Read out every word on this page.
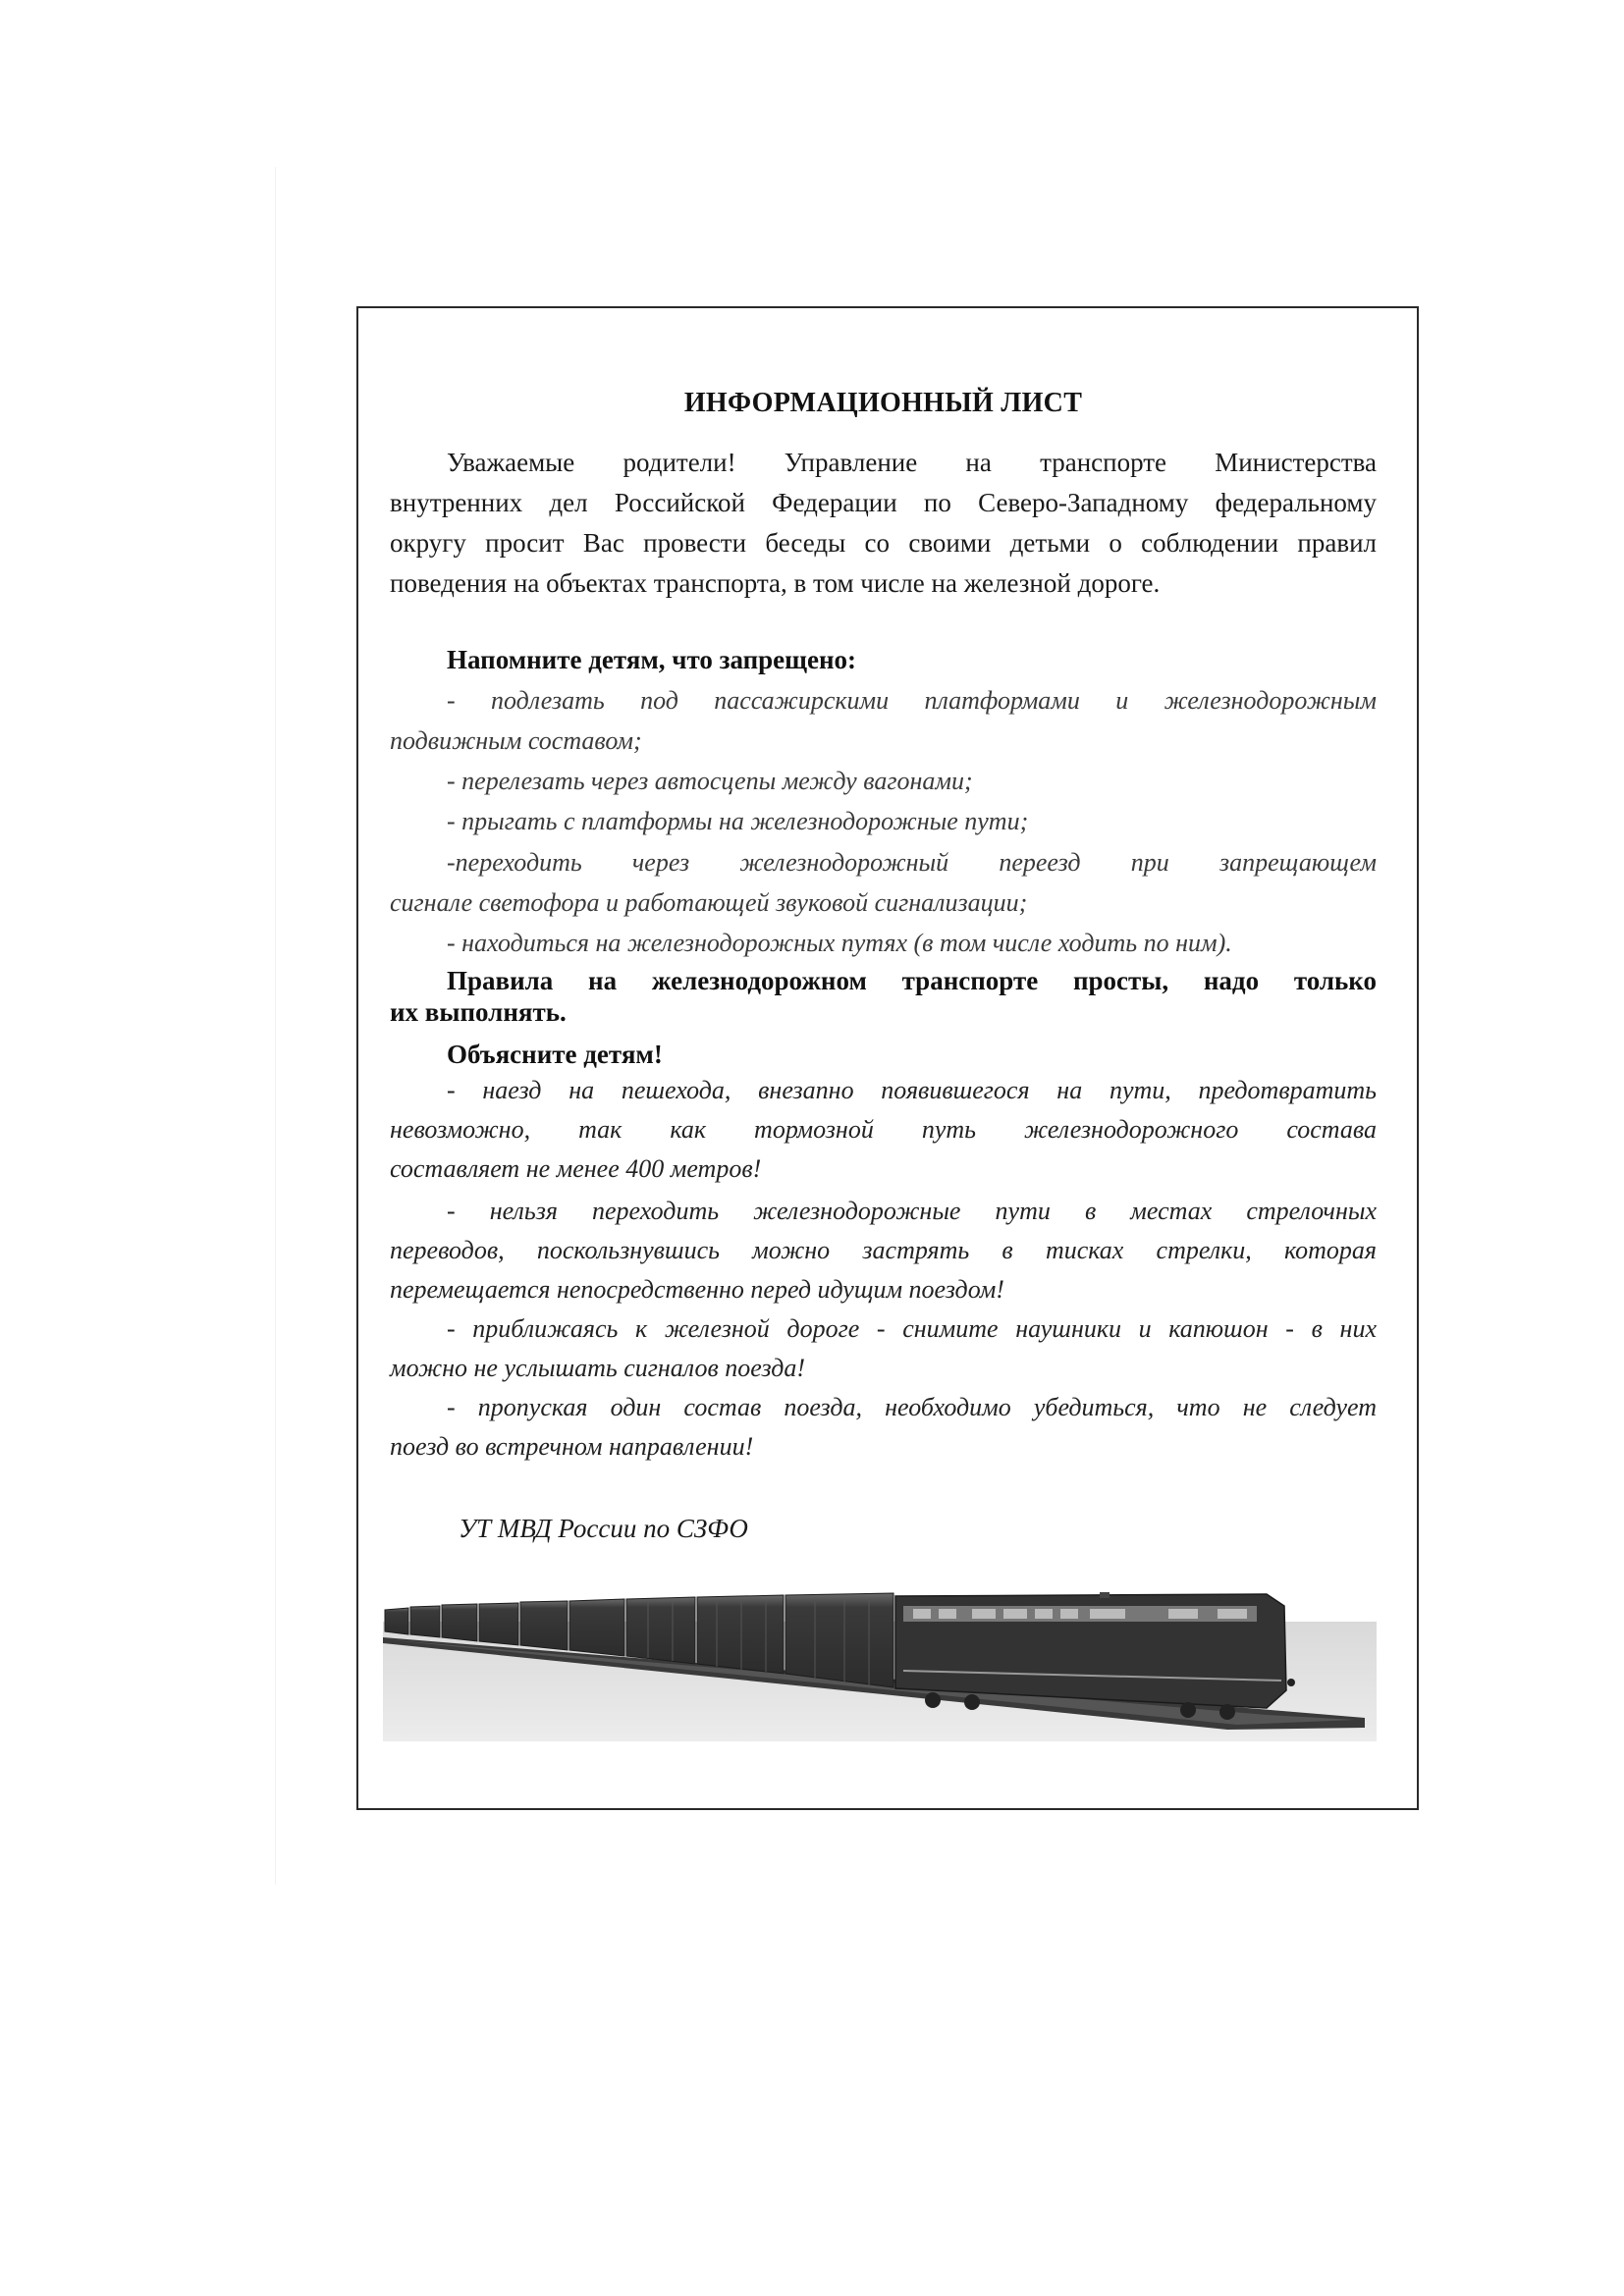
ИНФОРМАЦИОННЫЙ ЛИСТ
Уважаемые родители! Управление на транспорте Министерства
внутренних дел Российской Федерации по Северо-Западному федеральному
округу просит Вас провести беседы со своими детьми о соблюдении правил
поведения на объектах транспорта, в том числе на железной дороге.
Напомните детям, что запрещено:
- подлезать под пассажирскими платформами и железнодорожным
подвижным составом;
- перелезать через автосцепы между вагонами;
- прыгать с платформы на железнодорожные пути;
-переходить через железнодорожный переезд при запрещающем
сигнале светофора и работающей звуковой сигнализации;
- находиться на железнодорожных путях (в том числе ходить по ним).
Правила на железнодорожном транспорте просты, надо только
их выполнять.
Объясните детям!
- наезд на пешехода, внезапно появившегося на пути, предотвратить
невозможно, так как тормозной путь железнодорожного состава
составляет не менее 400 метров!
- нельзя переходить железнодорожные пути в местах стрелочных
переводов, поскользнувшись можно застрять в тисках стрелки, которая
перемещается непосредственно перед идущим поездом!
- приближаясь к железной дороге - снимите наушники и капюшон - в них
можно не услышать сигналов поезда!
- пропуская один состав поезда, необходимо убедиться, что не следует
поезд во встречном направлении!
УТ МВД России по СЗФО
